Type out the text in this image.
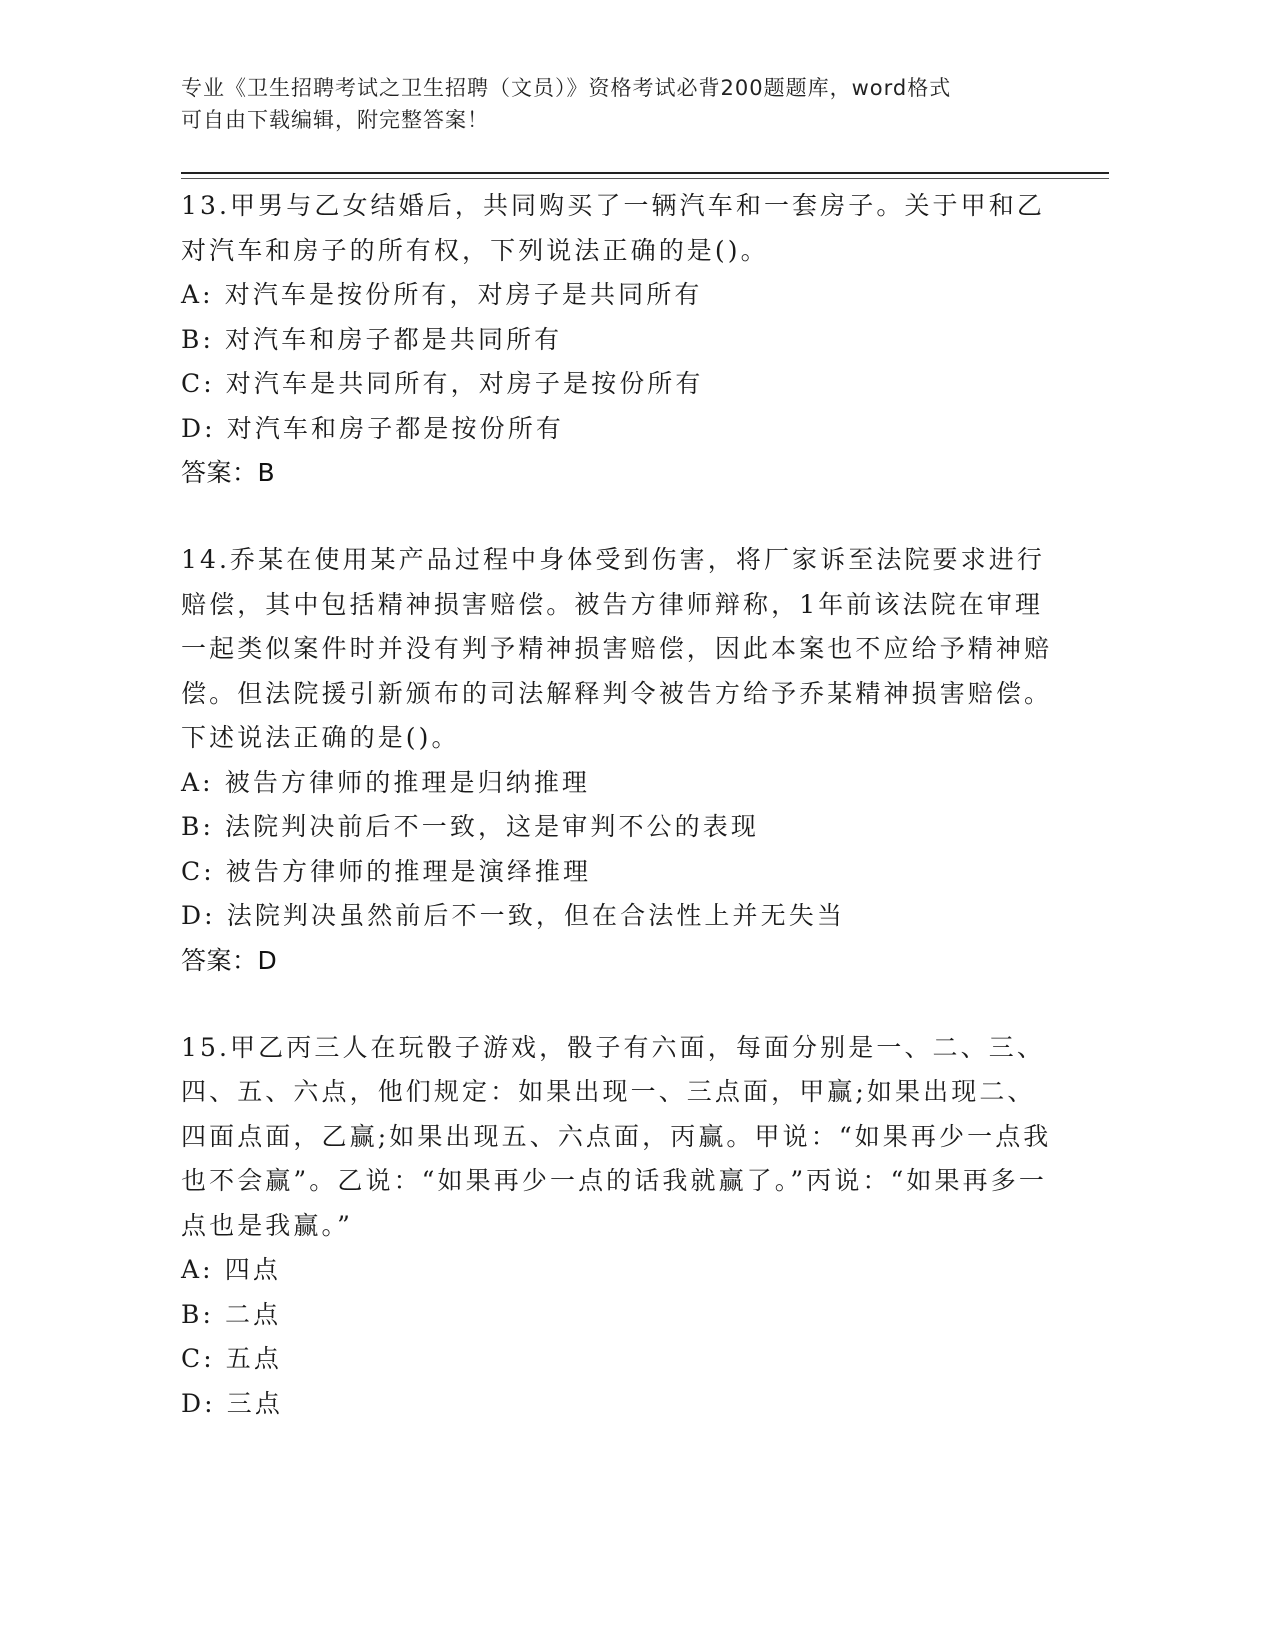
专业《卫生招聘考试之卫生招聘（文员）》资格考试必背200题题库，word格式
可自由下载编辑，附完整答案！

13.甲男与乙女结婚后，共同购买了一辆汽车和一套房子。关于甲和乙对汽车和房子的所有权，下列说法正确的是()。

A: 对汽车是按份所有，对房子是共同所有

B: 对汽车和房子都是共同所有

C: 对汽车是共同所有，对房子是按份所有

D: 对汽车和房子都是按份所有

答案：B

14.乔某在使用某产品过程中身体受到伤害，将厂家诉至法院要求进行赔偿，其中包括精神损害赔偿。被告方律师辩称，1年前该法院在审理一起类似案件时并没有判予精神损害赔偿，因此本案也不应给予精神赔偿。但法院援引新颁布的司法解释判令被告方给予乔某精神损害赔偿。下述说法正确的是()。

A: 被告方律师的推理是归纳推理

B: 法院判决前后不一致，这是审判不公的表现

C: 被告方律师的推理是演绎推理

D: 法院判决虽然前后不一致，但在合法性上并无失当

答案：D

15.甲乙丙三人在玩骰子游戏，骰子有六面，每面分别是一、二、三、四、五、六点，他们规定：如果出现一、三点面，甲赢;如果出现二、四面点面，乙赢;如果出现五、六点面，丙赢。甲说：“如果再少一点我也不会赢”。乙说：“如果再少一点的话我就赢了。”丙说：“如果再多一点也是我赢。”

A: 四点

B: 二点

C: 五点

D: 三点
